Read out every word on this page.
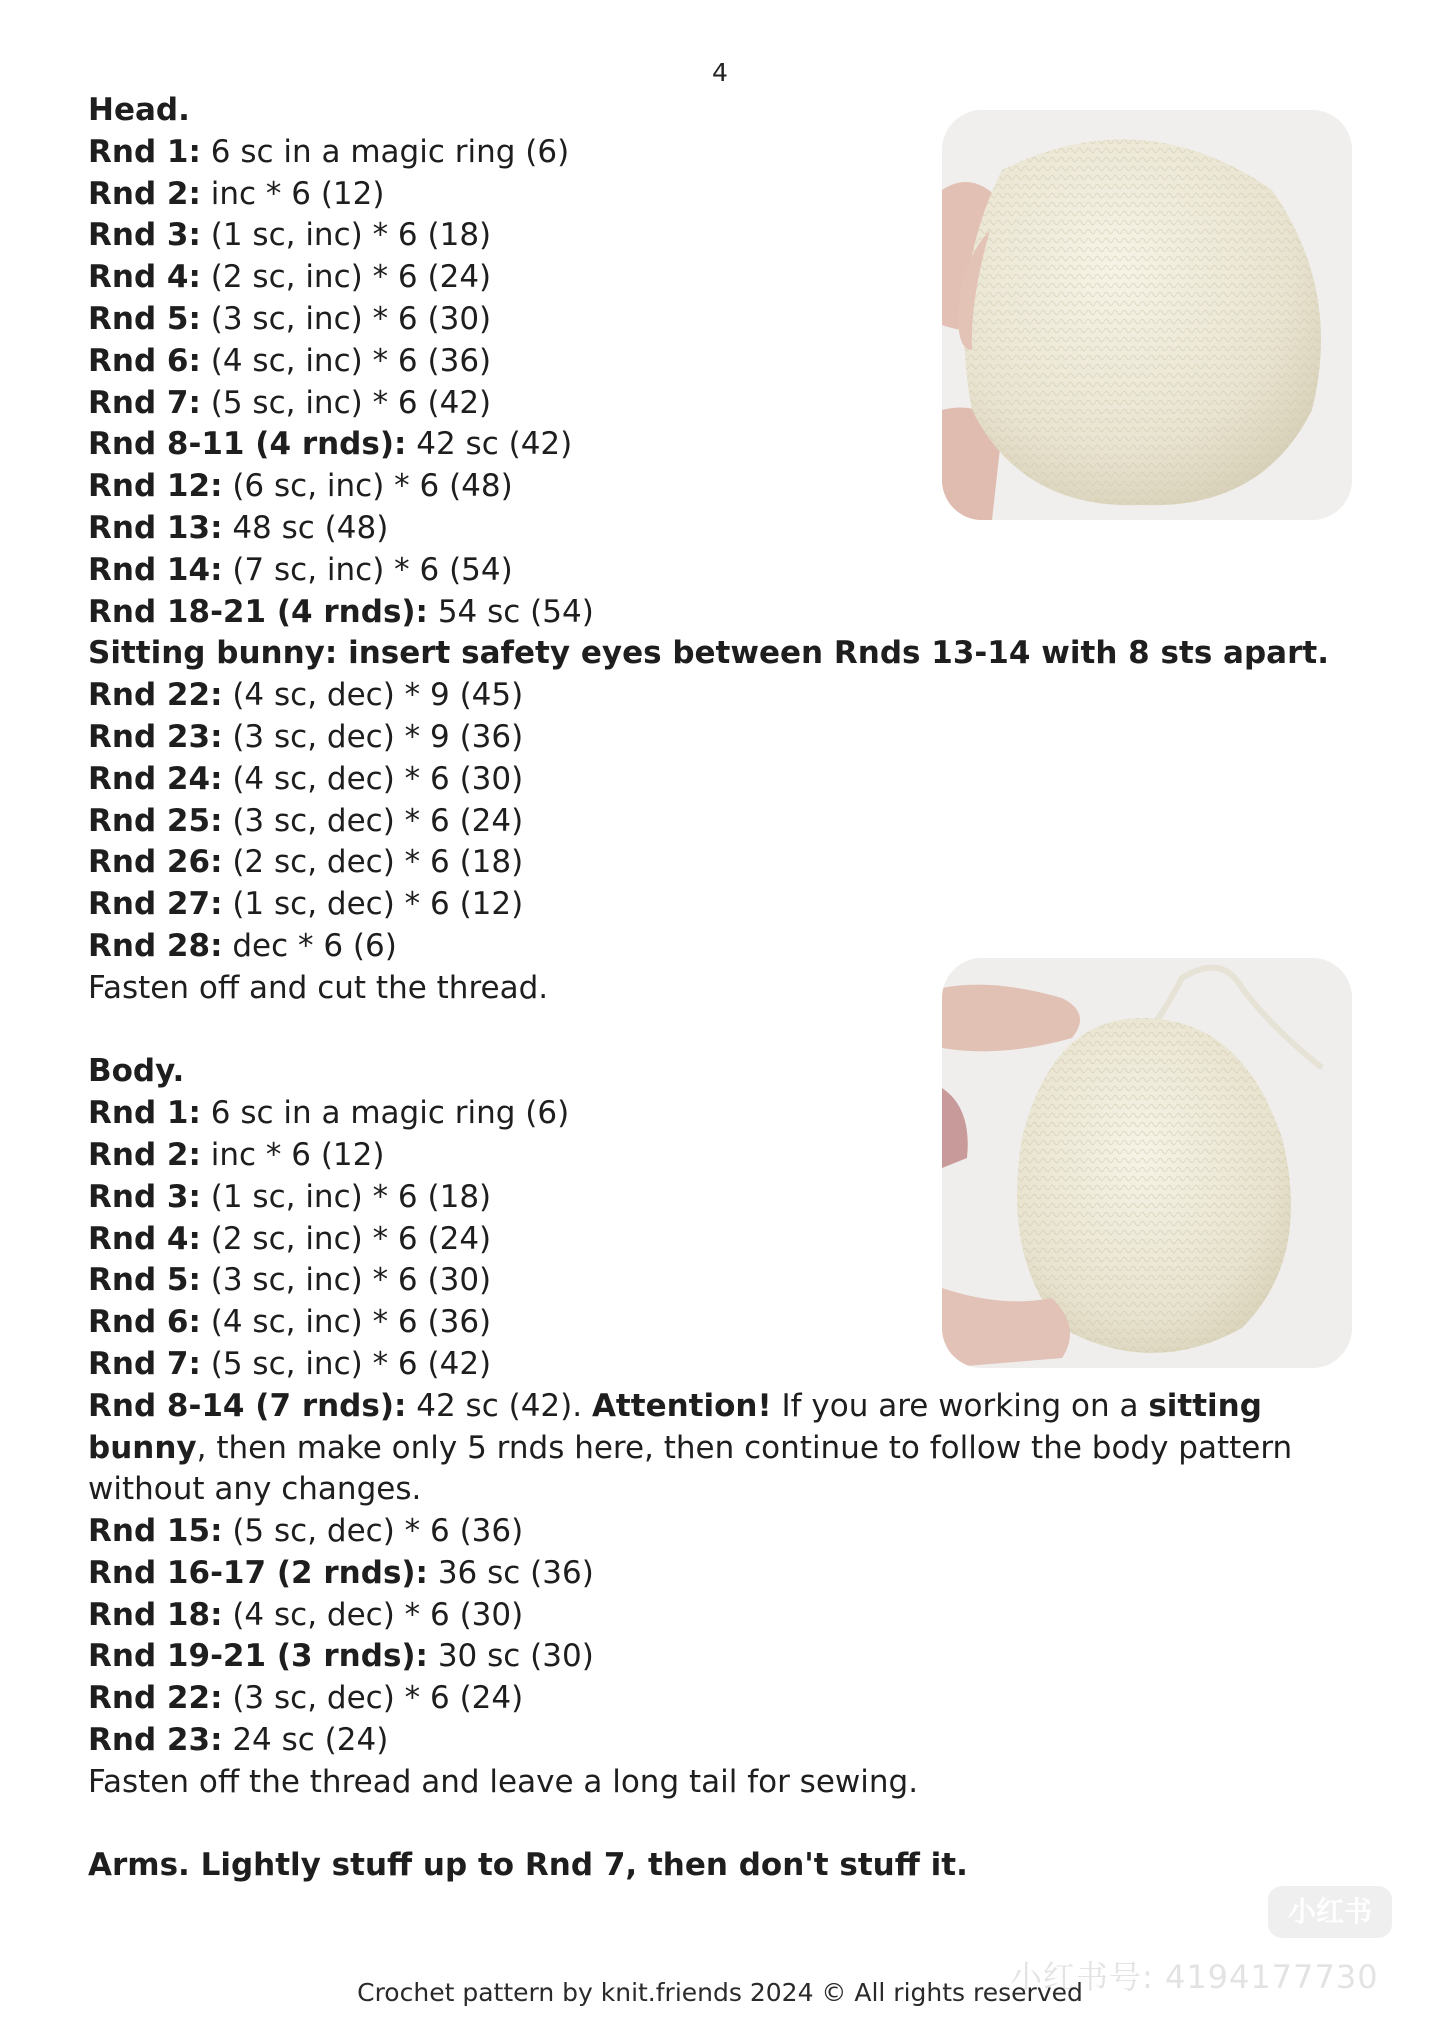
4
Head.
Rnd 1: 6 sc in a magic ring (6)
Rnd 2: inc * 6 (12)
Rnd 3: (1 sc, inc) * 6 (18)
Rnd 4: (2 sc, inc) * 6 (24)
Rnd 5: (3 sc, inc) * 6 (30)
Rnd 6: (4 sc, inc) * 6 (36)
Rnd 7: (5 sc, inc) * 6 (42)
Rnd 8-11 (4 rnds): 42 sc (42)
Rnd 12: (6 sc, inc) * 6 (48)
Rnd 13: 48 sc (48)
Rnd 14: (7 sc, inc) * 6 (54)
Rnd 18-21 (4 rnds): 54 sc (54)
Sitting bunny: insert safety eyes between Rnds 13-14 with 8 sts apart.
Rnd 22: (4 sc, dec) * 9 (45)
Rnd 23: (3 sc, dec) * 9 (36)
Rnd 24: (4 sc, dec) * 6 (30)
Rnd 25: (3 sc, dec) * 6 (24)
Rnd 26: (2 sc, dec) * 6 (18)
Rnd 27: (1 sc, dec) * 6 (12)
Rnd 28: dec * 6 (6)
Fasten off and cut the thread.
Body.
Rnd 1: 6 sc in a magic ring (6)
Rnd 2: inc * 6 (12)
Rnd 3: (1 sc, inc) * 6 (18)
Rnd 4: (2 sc, inc) * 6 (24)
Rnd 5: (3 sc, inc) * 6 (30)
Rnd 6: (4 sc, inc) * 6 (36)
Rnd 7: (5 sc, inc) * 6 (42)
Rnd 8-14 (7 rnds): 42 sc (42). Attention! If you are working on a sitting bunny, then make only 5 rnds here, then continue to follow the body pattern without any changes.
Rnd 15: (5 sc, dec) * 6 (36)
Rnd 16-17 (2 rnds): 36 sc (36)
Rnd 18: (4 sc, dec) * 6 (30)
Rnd 19-21 (3 rnds): 30 sc (30)
Rnd 22: (3 sc, dec) * 6 (24)
Rnd 23: 24 sc (24)
Fasten off the thread and leave a long tail for sewing.
Arms. Lightly stuff up to Rnd 7, then don't stuff it.
小红书
小红书号: 4194177730
Crochet pattern by knit.friends 2024 © All rights reserved
